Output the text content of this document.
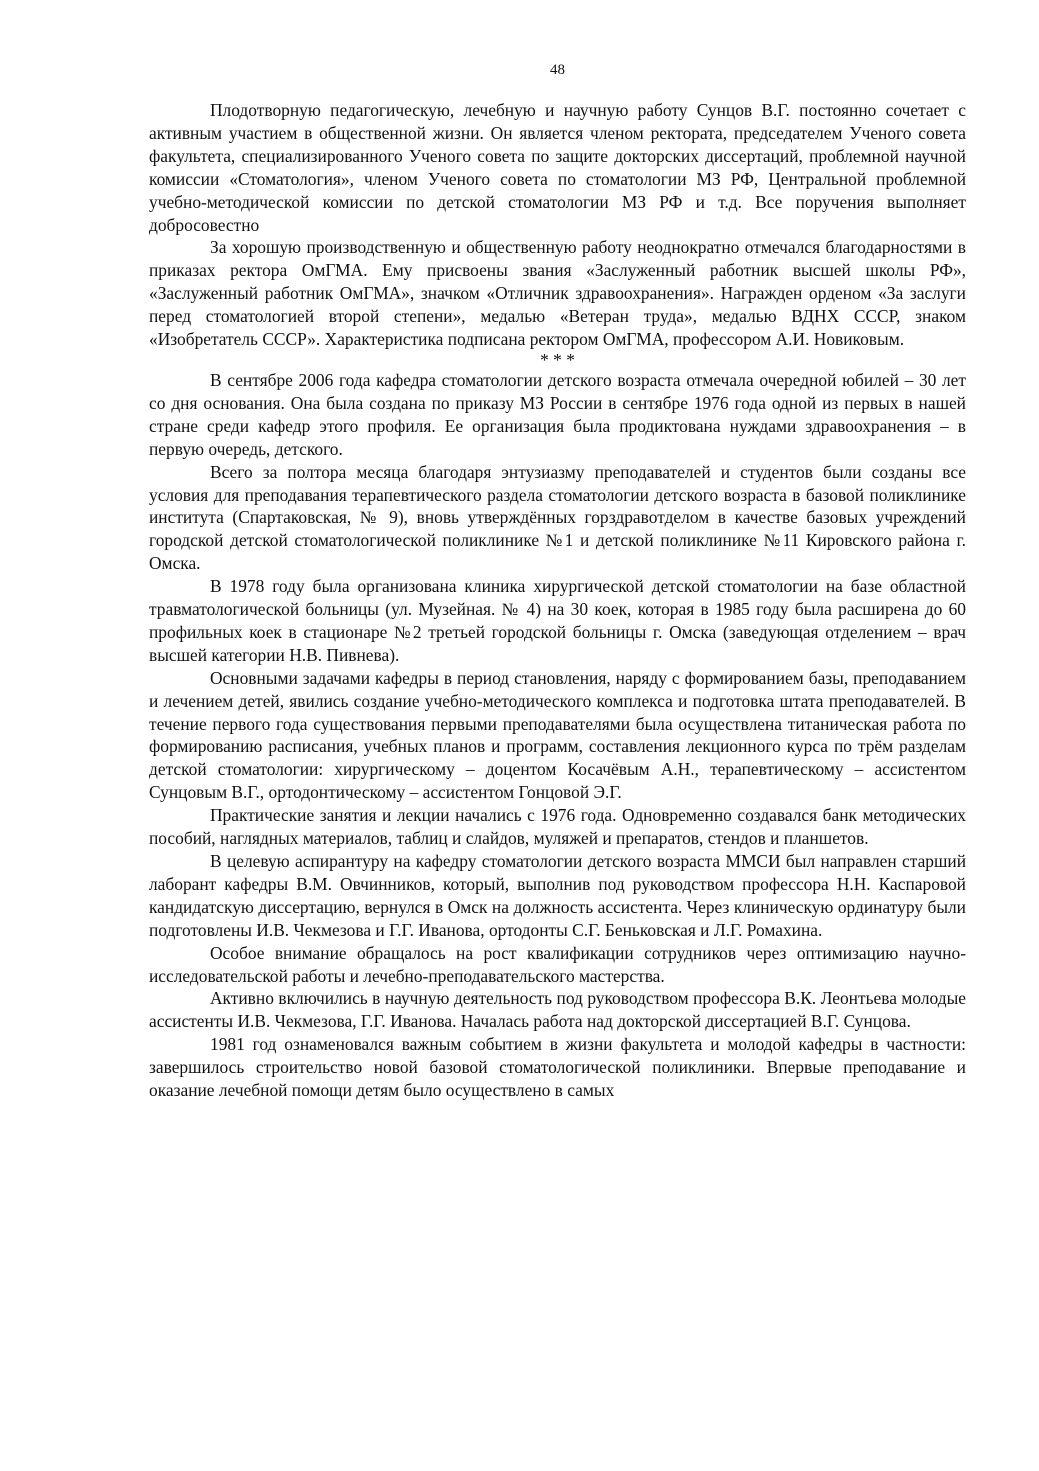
48

Плодотворную педагогическую, лечебную и научную работу Сунцов В.Г. постоянно сочетает с активным участием в общественной жизни. Он является членом ректората, председателем Ученого совета факультета, специализированного Ученого совета по защите докторских диссертаций, проблемной научной комиссии «Стоматология», членом Ученого совета по стоматологии МЗ РФ, Центральной проблемной учебно-методической комиссии по детской стоматологии МЗ РФ и т.д. Все поручения выполняет добросовестно

За хорошую производственную и общественную работу неоднократно отмечался благодарностями в приказах ректора ОмГМА. Ему присвоены звания «Заслуженный работник высшей школы РФ», «Заслуженный работник ОмГМА», значком «Отличник здравоохранения». Награжден орденом «За заслуги перед стоматологией второй степени», медалью «Ветеран труда», медалью ВДНХ СССР, знаком «Изобретатель СССР». Характеристика подписана ректором ОмГМА, профессором А.И. Новиковым.

* * *

В сентябре 2006 года кафедра стоматологии детского возраста отмечала очередной юбилей – 30 лет со дня основания. Она была создана по приказу МЗ России в сентябре 1976 года одной из первых в нашей стране среди кафедр этого профиля. Ее организация была продиктована нуждами здравоохранения – в первую очередь, детского.

Всего за полтора месяца благодаря энтузиазму преподавателей и студентов были созданы все условия для преподавания терапевтического раздела стоматологии детского возраста в базовой поликлинике института (Спартаковская, № 9), вновь утверждённых горздравотделом в качестве базовых учреждений городской детской стоматологической поликлинике №1 и детской поликлинике №11 Кировского района г. Омска.

В 1978 году была организована клиника хирургической детской стоматологии на базе областной травматологической больницы (ул. Музейная. № 4) на 30 коек, которая в 1985 году была расширена до 60 профильных коек в стационаре №2 третьей городской больницы г. Омска (заведующая отделением – врач высшей категории Н.В. Пивнева).

Основными задачами кафедры в период становления, наряду с формированием базы, преподаванием и лечением детей, явились создание учебно-методического комплекса и подготовка штата преподавателей. В течение первого года существования первыми преподавателями была осуществлена титаническая работа по формированию расписания, учебных планов и программ, составления лекционного курса по трём разделам детской стоматологии: хирургическому – доцентом Косачёвым А.Н., терапевтическому – ассистентом Сунцовым В.Г., ортодонтическому – ассистентом Гонцовой Э.Г.

Практические занятия и лекции начались с 1976 года. Одновременно создавался банк методических пособий, наглядных материалов, таблиц и слайдов, муляжей и препаратов, стендов и планшетов.

В целевую аспирантуру на кафедру стоматологии детского возраста ММСИ был направлен старший лаборант кафедры В.М. Овчинников, который, выполнив под руководством профессора Н.Н. Каспаровой кандидатскую диссертацию, вернулся в Омск на должность ассистента. Через клиническую ординатуру были подготовлены И.В. Чекмезова и Г.Г. Иванова, ортодонты С.Г. Беньковская и Л.Г. Ромахина.

Особое внимание обращалось на рост квалификации сотрудников через оптимизацию научно-исследовательской работы и лечебно-преподавательского мастерства.

Активно включились в научную деятельность под руководством профессора В.К. Леонтьева молодые ассистенты И.В. Чекмезова, Г.Г. Иванова. Началась работа над докторской диссертацией В.Г. Сунцова.

1981 год ознаменовался важным событием в жизни факультета и молодой кафедры в частности: завершилось строительство новой базовой стоматологической поликлиники. Впервые преподавание и оказание лечебной помощи детям было осуществлено в самых
